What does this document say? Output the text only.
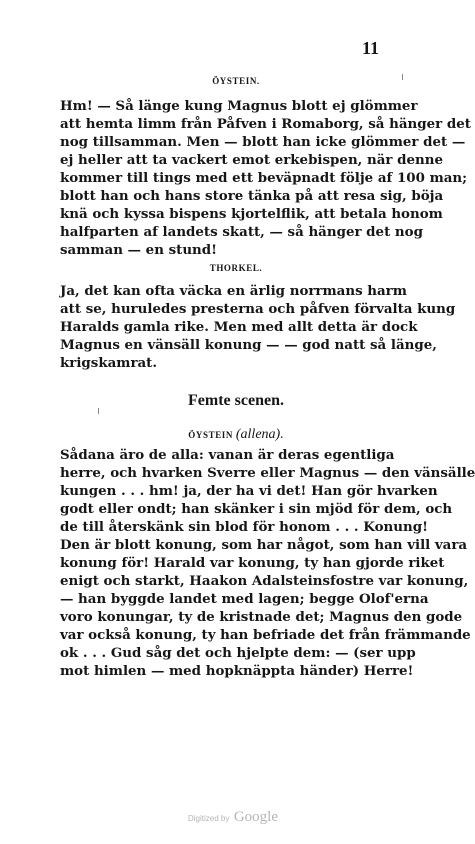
11
ÖYSTEIN.
Hm! — Så länge kung Magnus blott ej glömmer
att hemta limm från Påfven i Romaborg, så hänger det
nog tillsamman. Men — blott han icke glömmer det —
ej heller att ta vackert emot erkebispen, när denne
kommer till tings med ett beväpnadt följe af 100 man;
blott han och hans store tänka på att resa sig, böja
knä och kyssa bispens kjortelflik, att betala honom
halfparten af landets skatt, — så hänger det nog
samman — en stund!
THORKEL.
Ja, det kan ofta väcka en ärlig norrmans harm
att se, huruledes presterna och påfven förvalta kung
Haralds gamla rike. Men med allt detta är dock
Magnus en vänsäll konung — — god natt så länge,
krigskamrat.
Femte scenen.
ÖYSTEIN (allena).
Sådana äro de alla: vanan är deras egentliga
herre, och hvarken Sverre eller Magnus — den vänsälle
kungen . . . hm! ja, der ha vi det! Han gör hvarken
godt eller ondt; han skänker i sin mjöd för dem, och
de till återskänk sin blod för honom . . . Konung!
Den är blott konung, som har något, som han vill vara
konung för! Harald var konung, ty han gjorde riket
enigt och starkt, Haakon Adalsteinsfostre var konung,
— han byggde landet med lagen; begge Olof'erna
voro konungar, ty de kristnade det; Magnus den gode
var också konung, ty han befriade det från främmande
ok . . . Gud såg det och hjelpte dem: — (ser upp
mot himlen — med hopknäppta händer) Herre!
Digitized by Google
